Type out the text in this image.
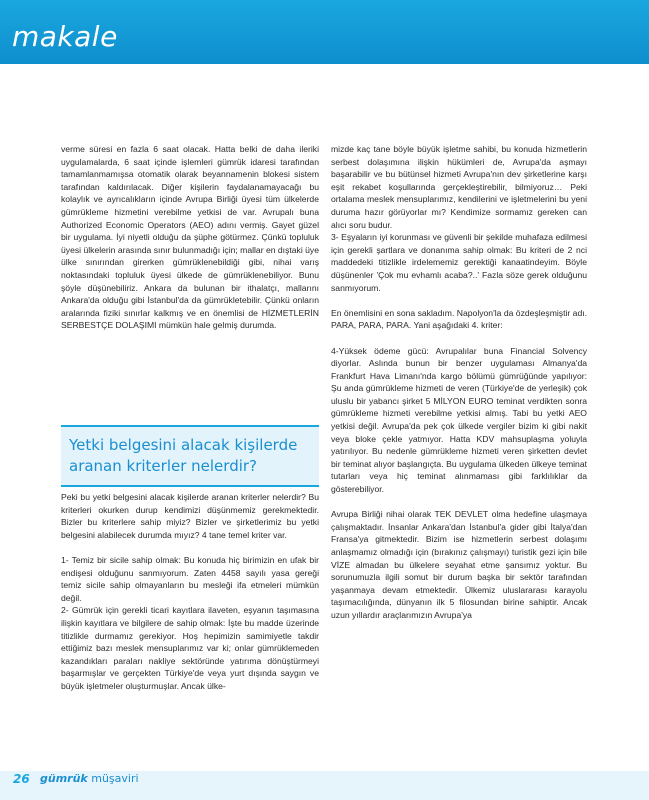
makale

verme süresi en fazla 6 saat olacak. Hatta belki de daha ileriki uygulamalarda, 6 saat içinde işlemleri gümrük idaresi tarafından tamamlanmamışsa otomatik olarak beyannamenin blokesi sistem tarafından kaldırılacak. Diğer kişilerin faydalanamayacağı bu kolaylık ve ayrıcalıkların içinde Avrupa Birliği üyesi tüm ülkelerde gümrükleme hizmetini verebilme yetkisi de var. Avrupalı buna Authorized Economic Operators (AEO) adını vermiş. Gayet güzel bir uygulama. İyi niyetli olduğu da şüphe götürmez. Çünkü topluluk üyesi ülkelerin arasında sınır bulunmadığı için; mallar en dıştaki üye ülke sınırından girerken gümrüklenebildiği gibi, nihai varış noktasındaki topluluk üyesi ülkede de gümrüklenebiliyor. Bunu şöyle düşünebiliriz. Ankara da bulunan bir ithalatçı, mallarını Ankara'da olduğu gibi İstanbul'da da gümrükletebilir. Çünkü onların aralarında fiziki sınırlar kalkmış ve en önemlisi de HİZMETLERİN SERBESTÇE DOLAŞIMI mümkün hale gelmiş durumda.

Yetki belgesini alacak kişilerde aranan kriterler nelerdir?

Peki bu yetki belgesini alacak kişilerde aranan kriterler nelerdir? Bu kriterleri okurken durup kendimizi düşünmemiz gerekmektedir. Bizler bu kriterlere sahip miyiz? Bizler ve şirketlerimiz bu yetki belgesini alabilecek durumda mıyız? 4 tane temel kriter var.

1- Temiz bir sicile sahip olmak: Bu konuda hiç birimizin en ufak bir endişesi olduğunu sanmıyorum. Zaten 4458 sayılı yasa gereği temiz sicile sahip olmayanların bu mesleği ifa etmeleri mümkün değil.
2- Gümrük için gerekli ticari kayıtlara ilaveten, eşyanın taşımasına ilişkin kayıtlara ve bilgilere de sahip olmak: İşte bu madde üzerinde titizlikle durmamız gerekiyor. Hoş hepimizin samimiyetle takdir ettiğimiz bazı meslek mensuplarımız var ki; onlar gümrüklemeden kazandıkları paraları nakliye sektöründe yatırıma dönüştürmeyi başarmışlar ve gerçekten Türkiye'de veya yurt dışında saygın ve büyük işletmeler oluşturmuşlar. Ancak ülke-

mizde kaç tane böyle büyük işletme sahibi, bu konuda hizmetlerin serbest dolaşımına ilişkin hükümleri de, Avrupa'da aşmayı başarabilir ve bu bütünsel hizmeti Avrupa'nın dev şirketlerine karşı eşit rekabet koşullarında gerçekleştirebilir, bilmiyoruz… Peki ortalama meslek mensuplarımız, kendilerini ve işletmelerini bu yeni duruma hazır görüyorlar mı? Kendimize sormamız gereken can alıcı soru budur.
3- Eşyaların iyi korunması ve güvenli bir şekilde muhafaza edilmesi için gerekli şartlara ve donanıma sahip olmak: Bu kriteri de 2 nci maddedeki titizlikle irdelememiz gerektiği kanaatindeyim. Böyle düşünenler 'Çok mu evhamlı acaba?..' Fazla söze gerek olduğunu sanmıyorum.

En önemlisini en sona sakladım. Napolyon'la da özdeşleşmiştir adı. PARA, PARA, PARA. Yani aşağıdaki 4. kriter:

4-Yüksek ödeme gücü: Avrupalılar buna Financial Solvency diyorlar. Aslında bunun bir benzer uygulaması Almanya'da Frankfurt Hava Limanı'nda kargo bölümü gümrüğünde yapılıyor: Şu anda gümrükleme hizmeti de veren (Türkiye'de de yerleşik) çok uluslu bir yabancı şirket 5 MİLYON EURO teminat verdikten sonra gümrükleme hizmeti verebilme yetkisi almış. Tabi bu yetki AEO yetkisi değil. Avrupa'da pek çok ülkede vergiler bizim ki gibi nakit veya bloke çekle yatmıyor. Hatta KDV mahsuplaşma yoluyla yatırılıyor. Bu nedenle gümrükleme hizmeti veren şirketten devlet bir teminat alıyor başlangıçta. Bu uygulama ülkeden ülkeye teminat tutarları veya hiç teminat alınmaması gibi farklılıklar da gösterebiliyor.

Avrupa Birliği nihai olarak TEK DEVLET olma hedefine ulaşmaya çalışmaktadır. İnsanlar Ankara'dan İstanbul'a gider gibi İtalya'dan Fransa'ya gitmektedir. Bizim ise hizmetlerin serbest dolaşımı anlaşmamız olmadığı için (bırakınız çalışmayı) turistik gezi için bile VİZE almadan bu ülkelere seyahat etme şansımız yoktur. Bu sorunumuzla ilgili somut bir durum başka bir sektör tarafından yaşanmaya devam etmektedir. Ülkemiz uluslararası karayolu taşımacılığında, dünyanın ilk 5 filosundan birine sahiptir. Ancak uzun yıllardır araçlarımızın Avrupa'ya

26 gümrük müşaviri
